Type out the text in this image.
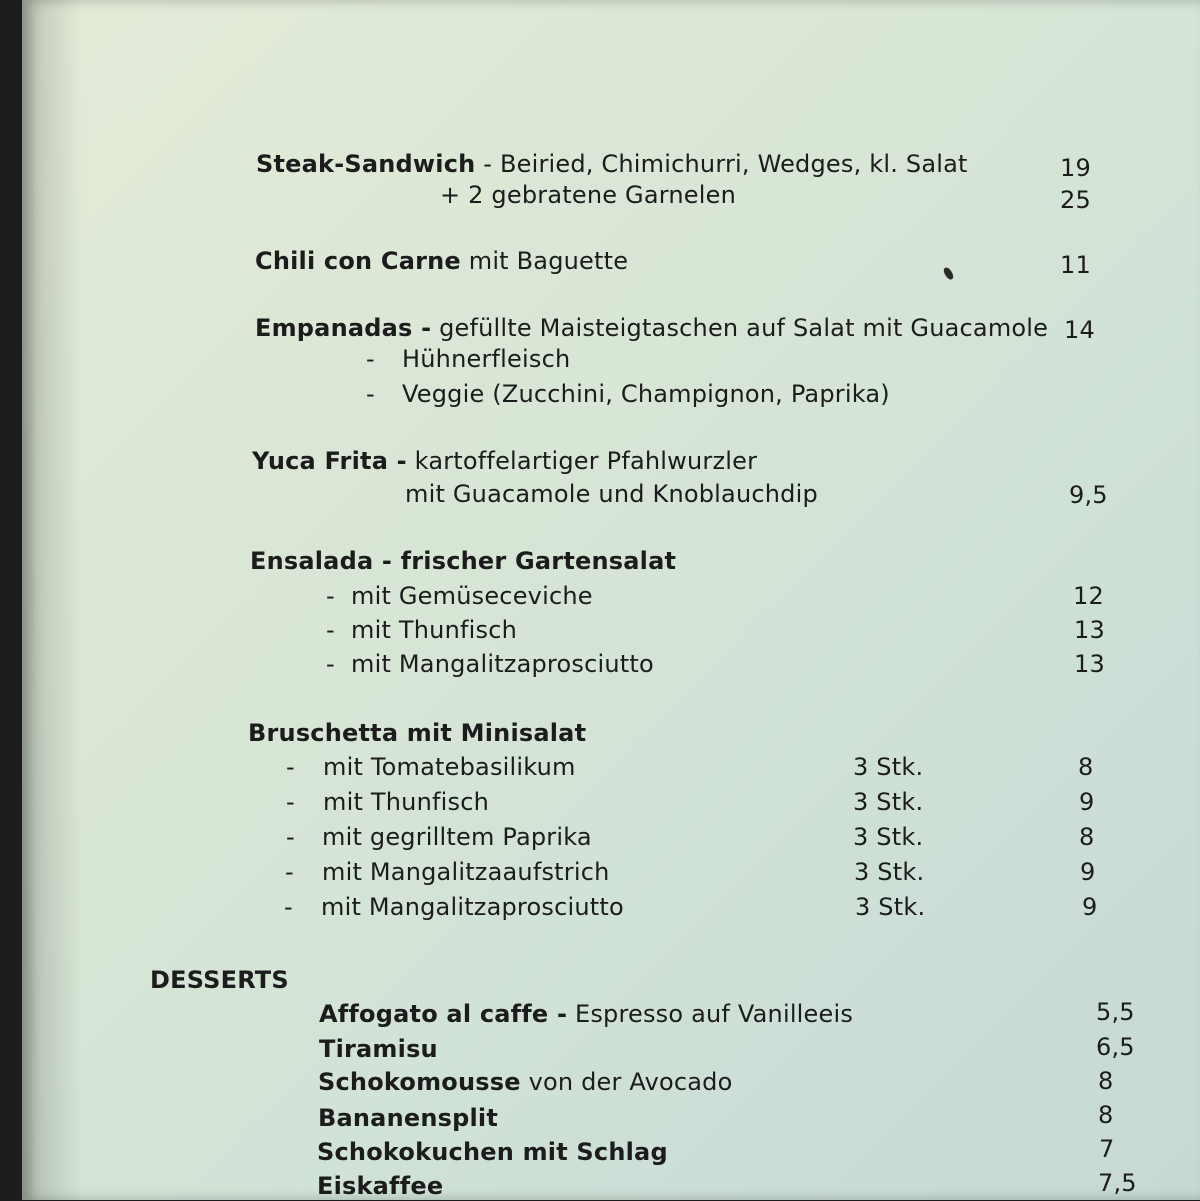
Steak-Sandwich - Beiried, Chimichurri, Wedges, kl. Salat	19
+ 2 gebratene Garnelen	25
Chili con Carne mit Baguette	11
Empanadas - gefüllte Maisteigtaschen auf Salat mit Guacamole 14
- Hühnerfleisch
- Veggie (Zucchini, Champignon, Paprika)
Yuca Frita - kartoffelartiger Pfahlwurzler
mit Guacamole und Knoblauchdip	9,5
Ensalada - frischer Gartensalat
- mit Gemüseceviche	12
- mit Thunfisch	13
- mit Mangalitzaprosciutto	13
Bruschetta mit Minisalat
- mit Tomatebasilikum	3 Stk.	8
- mit Thunfisch	3 Stk.	9
- mit gegrilltem Paprika	3 Stk.	8
- mit Mangalitzaaufstrich	3 Stk.	9
- mit Mangalitzaprosciutto	3 Stk.	9
DESSERTS
Affogato al caffe - Espresso auf Vanilleeis	5,5
Tiramisu	6,5
Schokomousse von der Avocado	8
Bananensplit	8
Schokokuchen mit Schlag	7
Eiskaffee	7,5
